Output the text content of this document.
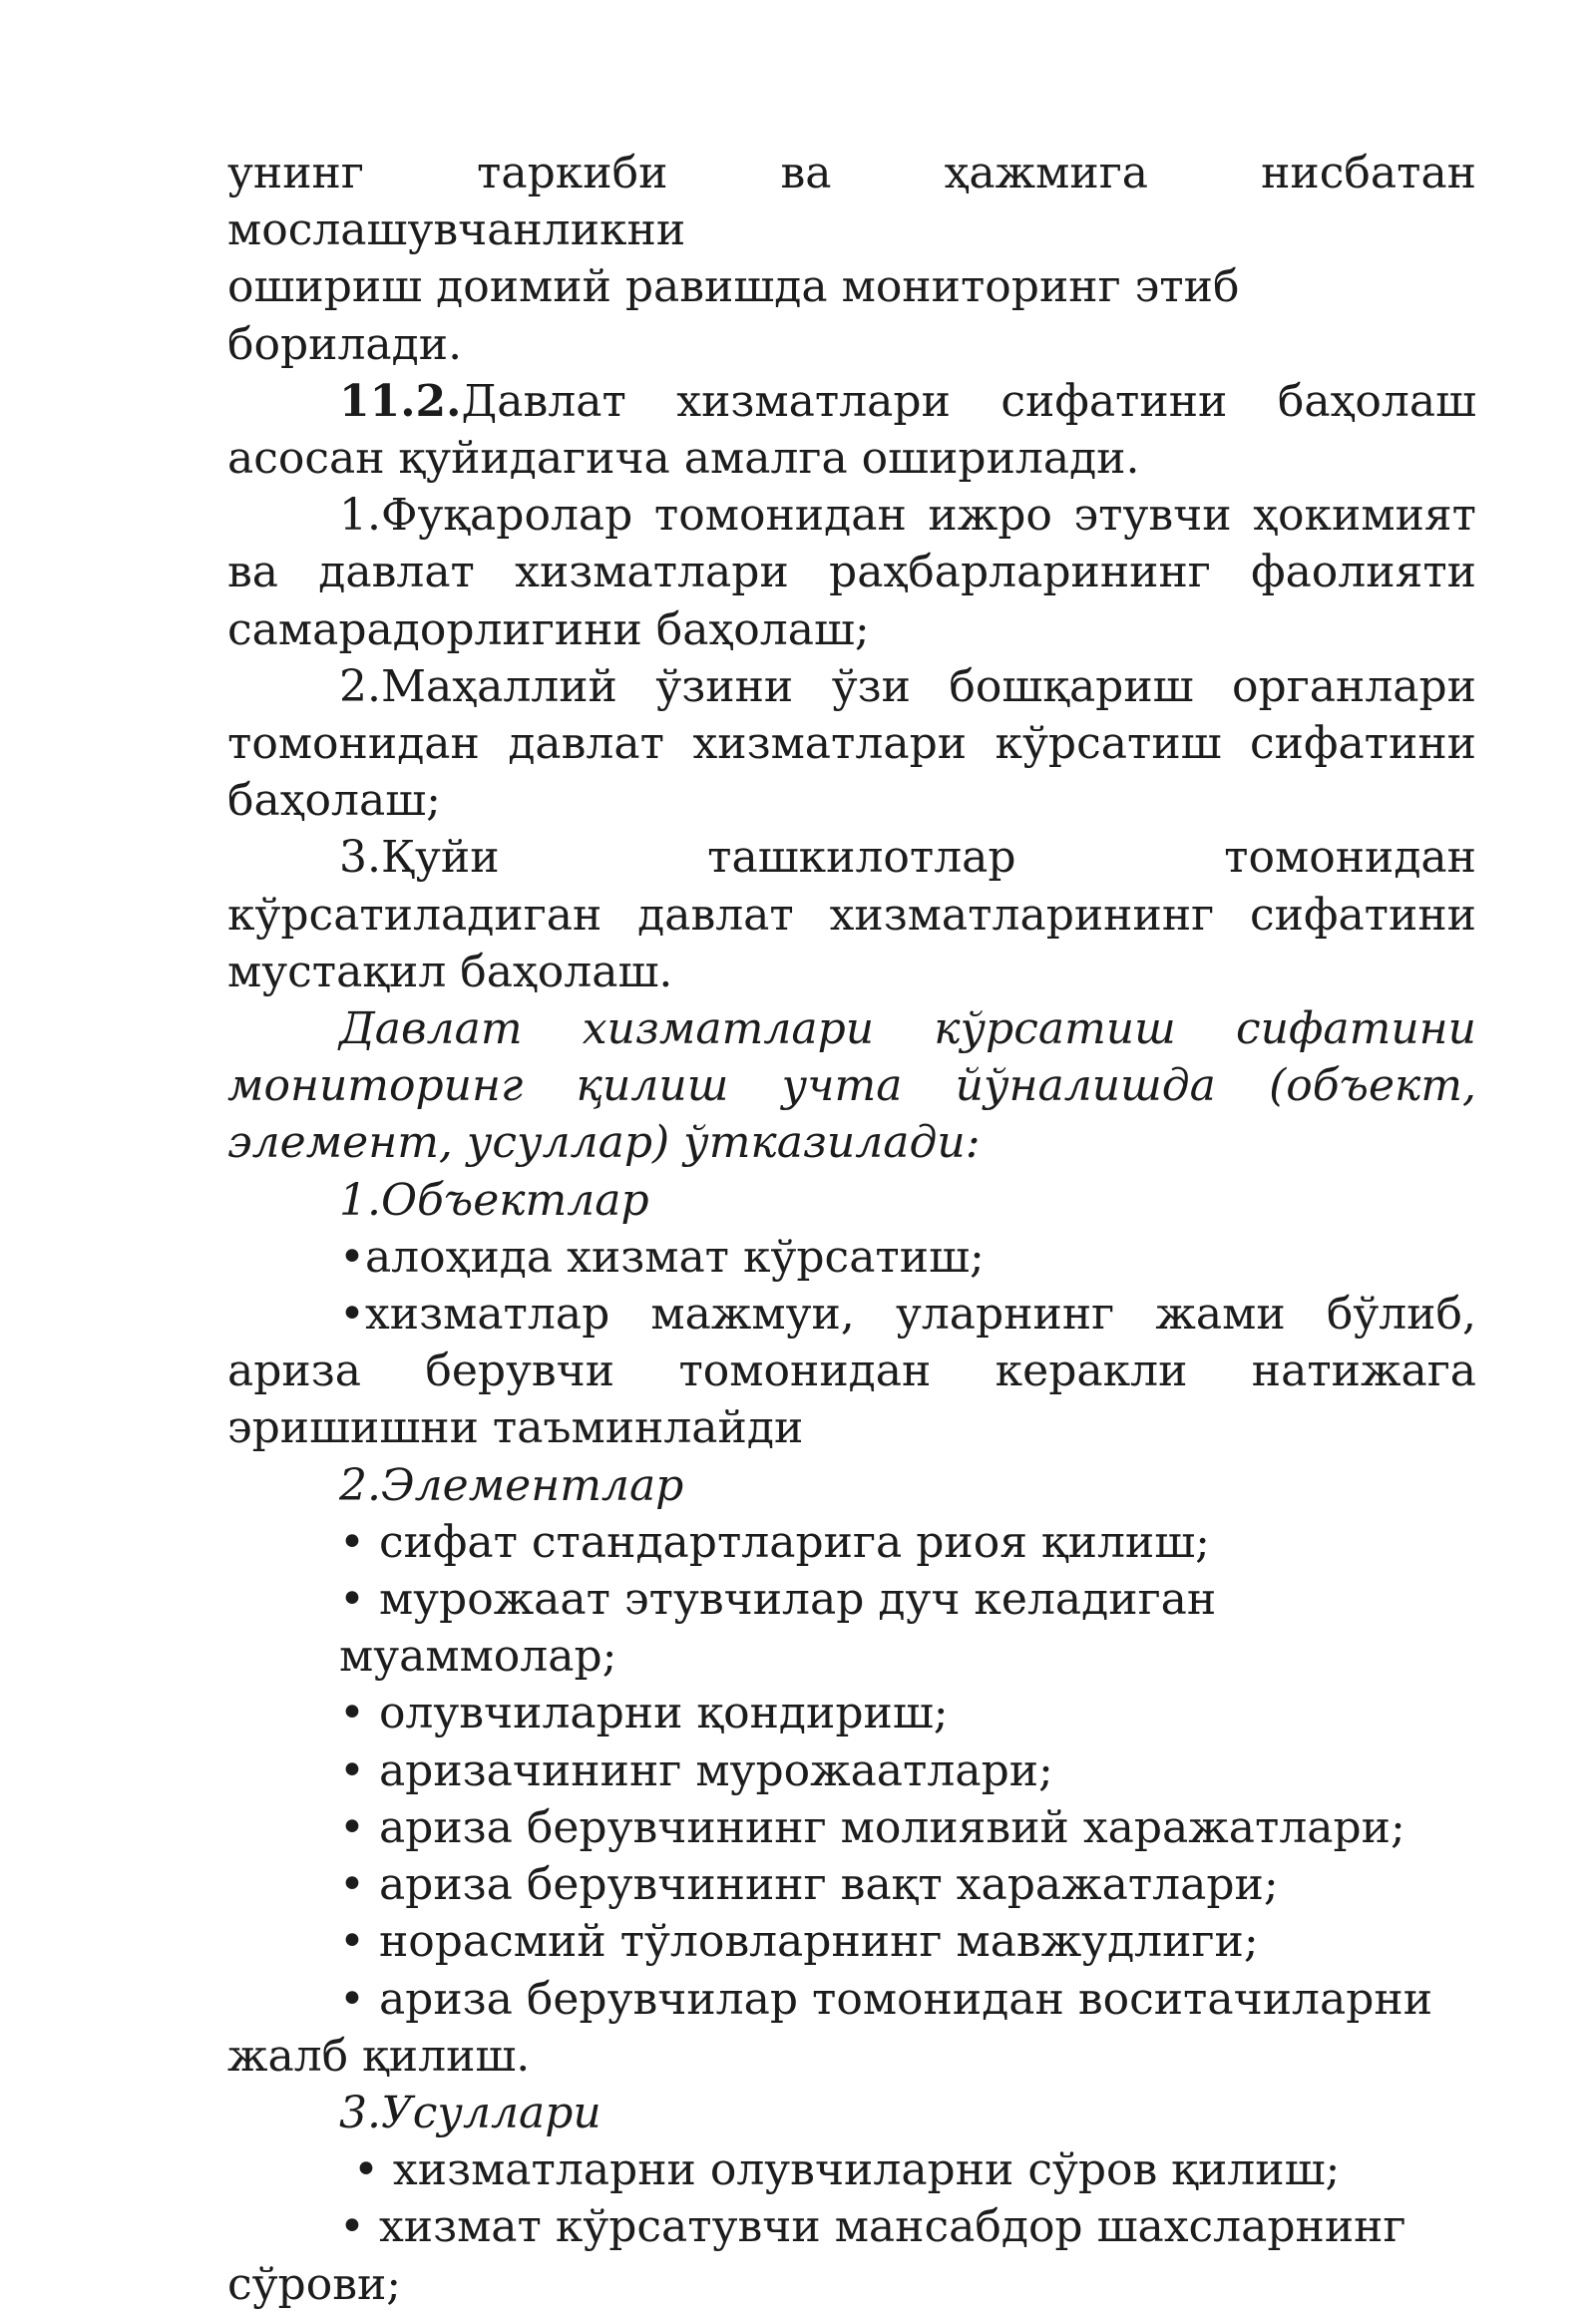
унинг таркиби ва ҳажмига нисбатан мослашувчанликни

ошириш доимий равишда мониторинг этиб борилади.

11.2.Давлат хизматлари сифатини баҳолаш асосан қуйидагича амалга оширилади.

1.Фуқаролар томонидан ижро этувчи ҳокимият ва давлат хизматлари раҳбарларининг фаолияти самарадорлигини баҳолаш;

2.Маҳаллий ўзини ўзи бошқариш органлари томонидан давлат хизматлари кўрсатиш сифатини баҳолаш;

3.Қуйи ташкилотлар томонидан кўрсатиладиган давлат хизматларининг сифатини мустақил баҳолаш.

Давлат хизматлари кўрсатиш сифатини мониторинг қилиш учта йўналишда (объект, элемент, усуллар) ўтказилади:

1.Объектлар

•алоҳида хизмат кўрсатиш;

•хизматлар мажмуи, уларнинг жами бўлиб, ариза берувчи томонидан керакли натижага эришишни таъминлайди

2.Элементлар

• сифат стандартларига риоя қилиш;

• мурожаат этувчилар дуч келадиган муаммолар;

• олувчиларни қондириш;

• аризачининг мурожаатлари;

• ариза берувчининг молиявий харажатлари;

• ариза берувчининг вақт харажатлари;

• норасмий тўловларнинг мавжудлиги;

• ариза берувчилар томонидан воситачиларни жалб қилиш.

3.Усуллари

• хизматларни олувчиларни сўров қилиш;

• хизмат кўрсатувчи мансабдор шахсларнинг сўрови;
